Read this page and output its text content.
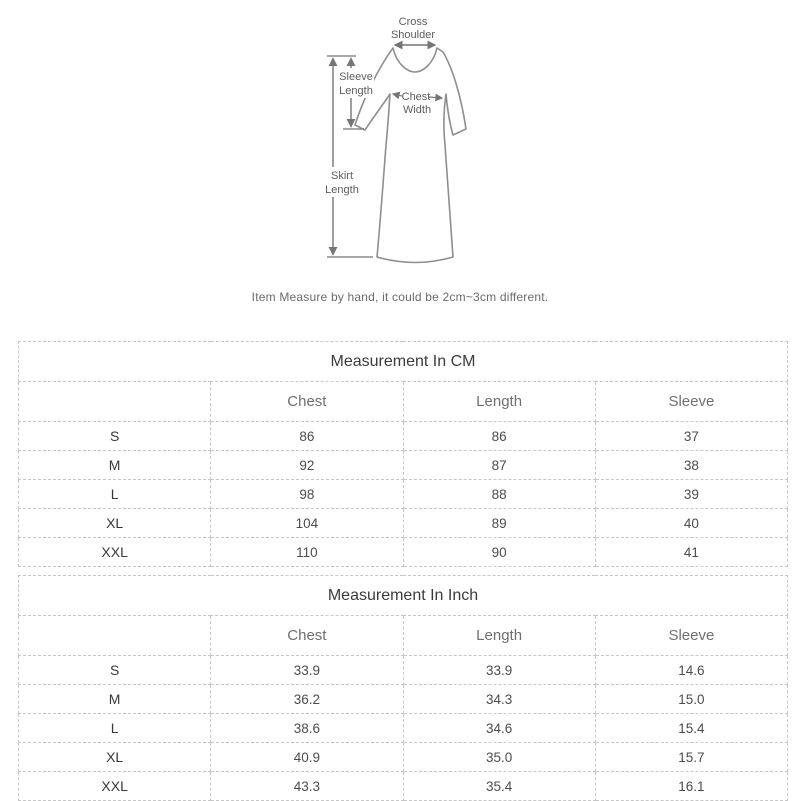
Cross
Shoulder
Sleeve
Length
Skirt
Length
Chest
Width
Item Measure by hand, it could be 2cm~3cm different.
Measurement In CM			
	Chest	Length	Sleeve
S	86	86	37
M	92	87	38
L	98	88	39
XL	104	89	40
XXL	110	90	41
Measurement In Inch			
	Chest	Length	Sleeve
S	33.9	33.9	14.6
M	36.2	34.3	15.0
L	38.6	34.6	15.4
XL	40.9	35.0	15.7
XXL	43.3	35.4	16.1
